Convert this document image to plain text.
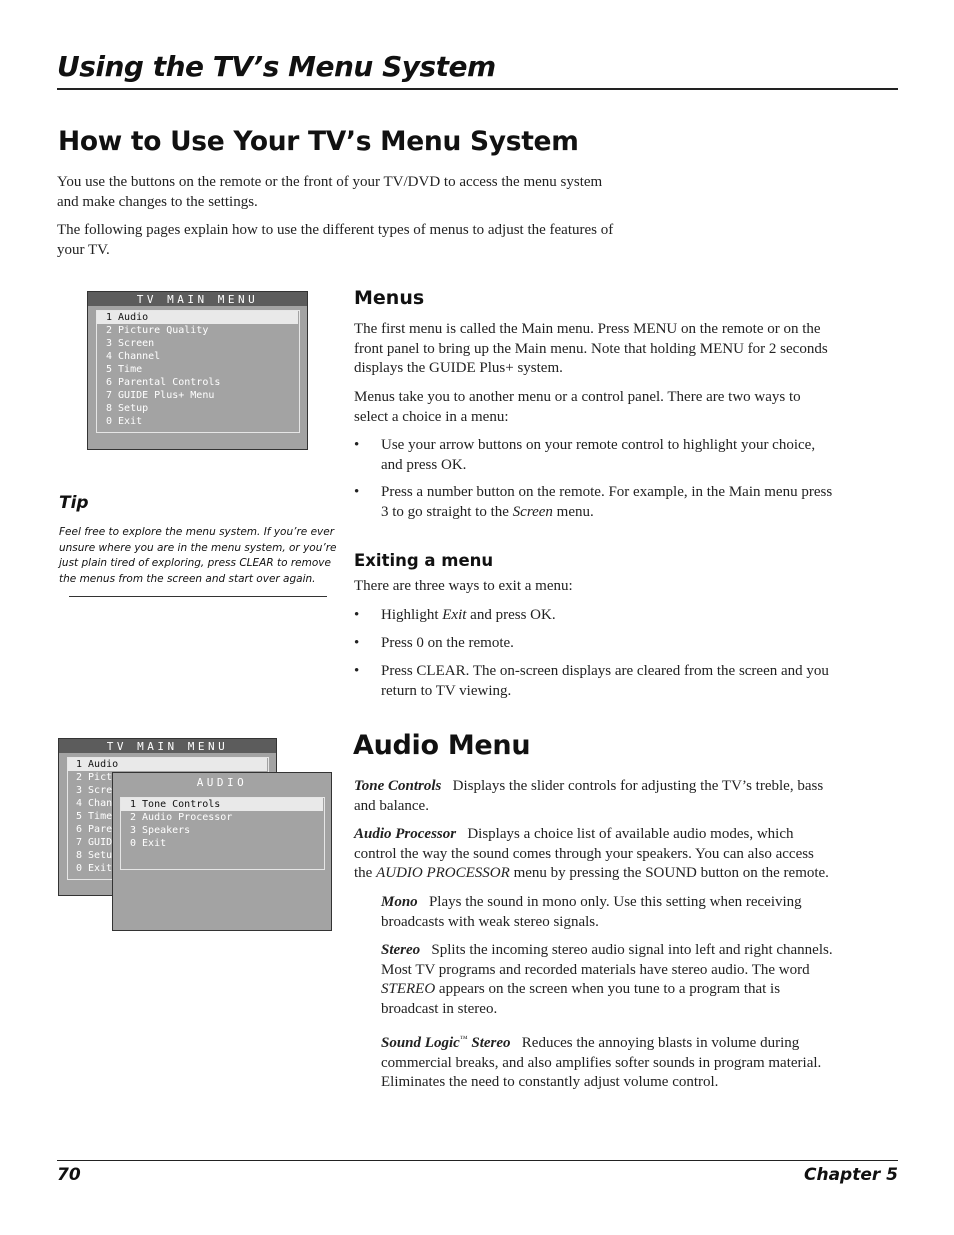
Using the TV’s Menu System
How to Use Your TV’s Menu System
You use the buttons on the remote or the front of your TV/DVD to access the menu system
and make changes to the settings.
The following pages explain how to use the different types of menus to adjust the features of
your TV.
TV MAIN MENU
1 Audio
2 Picture Quality
3 Screen
4 Channel
5 Time
6 Parental Controls
7 GUIDE Plus+ Menu
8 Setup
0 Exit
Menus
The first menu is called the Main menu. Press MENU on the remote or on the
front panel to bring up the Main menu. Note that holding MENU for 2 seconds
displays the GUIDE Plus+ system.
Menus take you to another menu or a control panel. There are two ways to
select a choice in a menu:
• Use your arrow buttons on your remote control to highlight your choice,
and press OK.
• Press a number button on the remote. For example, in the Main menu press
3 to go straight to the Screen menu.
Tip
Feel free to explore the menu system. If you’re ever unsure where you are in the menu system, or you’re just plain tired of exploring, press CLEAR to remove the menus from the screen and start over again.
Exiting a menu
There are three ways to exit a menu:
• Highlight Exit and press OK.
• Press 0 on the remote.
• Press CLEAR. The on-screen displays are cleared from the screen and you
return to TV viewing.
TV MAIN MENU
1 Audio
2 Pict
3 Scre
4 Chan
5 Time
6 Pare
7 GUID
8 Setu
0 Exit
AUDIO
1 Tone Controls
2 Audio Processor
3 Speakers
0 Exit
Audio Menu
Tone Controls Displays the slider controls for adjusting the TV’s treble, bass
and balance.
Audio Processor Displays a choice list of available audio modes, which
control the way the sound comes through your speakers. You can also access
the AUDIO PROCESSOR menu by pressing the SOUND button on the remote.
Mono Plays the sound in mono only. Use this setting when receiving
broadcasts with weak stereo signals.
Stereo Splits the incoming stereo audio signal into left and right channels.
Most TV programs and recorded materials have stereo audio. The word
STEREO appears on the screen when you tune to a program that is
broadcast in stereo.
Sound Logic™ Stereo Reduces the annoying blasts in volume during
commercial breaks, and also amplifies softer sounds in program material.
Eliminates the need to constantly adjust volume control.
70	Chapter 5
